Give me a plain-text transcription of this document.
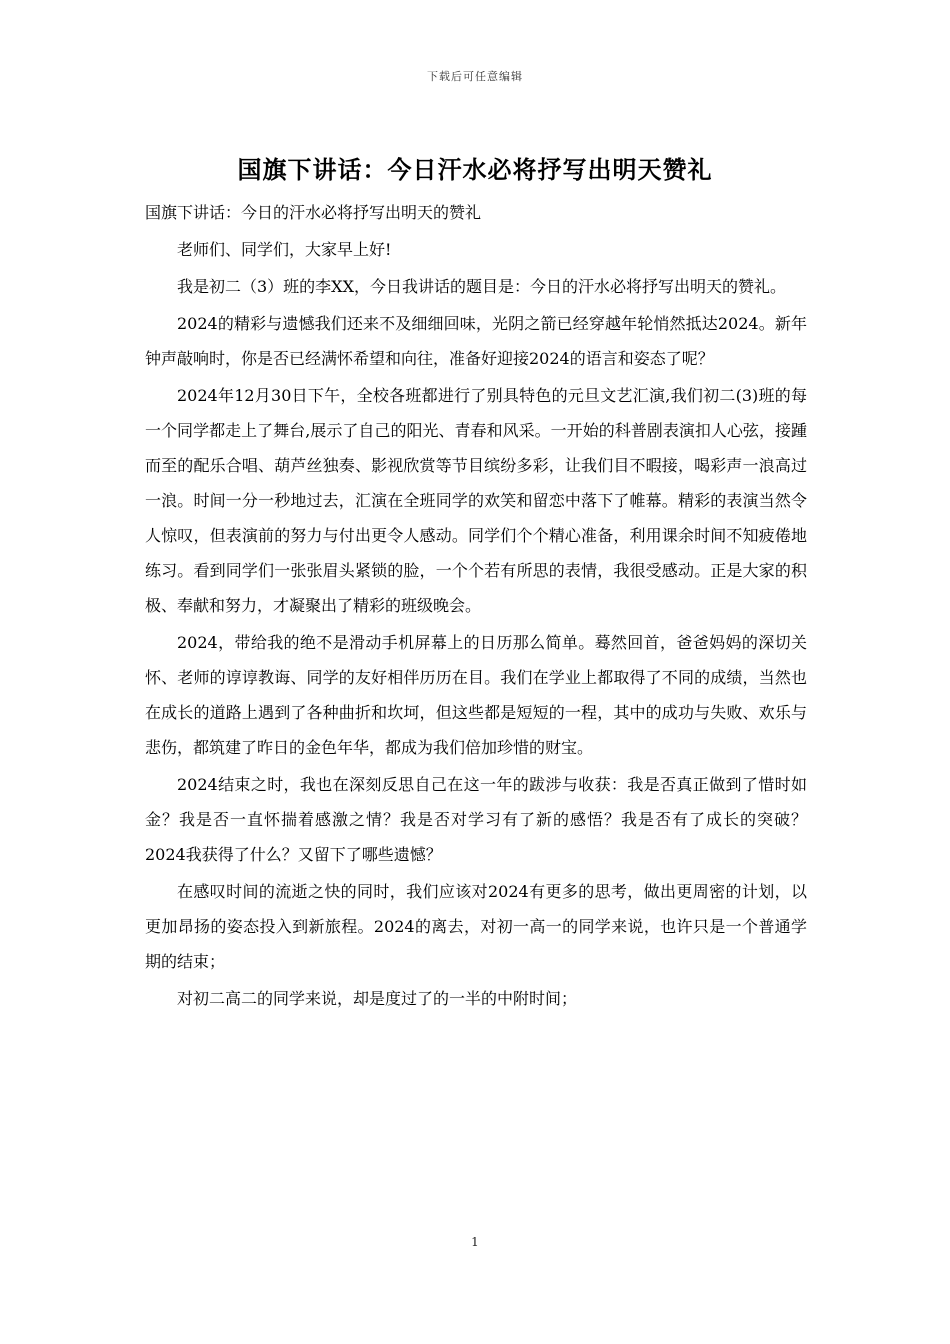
下载后可任意编辑
国旗下讲话：今日汗水必将抒写出明天赞礼

国旗下讲话：今日的汗水必将抒写出明天的赞礼

老师们、同学们，大家早上好!

我是初二（3）班的李XX，今日我讲话的题目是：今日的汗水必将抒写出明天的赞礼。

2024的精彩与遗憾我们还来不及细细回味，光阴之箭已经穿越年轮悄然抵达2024。新年钟声敲响时，你是否已经满怀希望和向往，准备好迎接2024的语言和姿态了呢？

2024年12月30日下午，全校各班都进行了别具特色的元旦文艺汇演,我们初二(3)班的每一个同学都走上了舞台,展示了自己的阳光、青春和风采。一开始的科普剧表演扣人心弦，接踵而至的配乐合唱、葫芦丝独奏、影视欣赏等节目缤纷多彩，让我们目不暇接，喝彩声一浪高过一浪。时间一分一秒地过去，汇演在全班同学的欢笑和留恋中落下了帷幕。精彩的表演当然令人惊叹，但表演前的努力与付出更令人感动。同学们个个精心准备，利用课余时间不知疲倦地练习。看到同学们一张张眉头紧锁的脸，一个个若有所思的表情，我很受感动。正是大家的积极、奉献和努力，才凝聚出了精彩的班级晚会。

2024，带给我的绝不是滑动手机屏幕上的日历那么简单。蓦然回首，爸爸妈妈的深切关怀、老师的谆谆教诲、同学的友好相伴历历在目。我们在学业上都取得了不同的成绩，当然也在成长的道路上遇到了各种曲折和坎坷，但这些都是短短的一程，其中的成功与失败、欢乐与悲伤，都筑建了昨日的金色年华，都成为我们倍加珍惜的财宝。

2024结束之时，我也在深刻反思自己在这一年的跋涉与收获：我是否真正做到了惜时如金？我是否一直怀揣着感激之情？我是否对学习有了新的感悟？我是否有了成长的突破？2024我获得了什么？又留下了哪些遗憾？

在感叹时间的流逝之快的同时，我们应该对2024有更多的思考，做出更周密的计划，以更加昂扬的姿态投入到新旅程。2024的离去，对初一高一的同学来说，也许只是一个普通学期的结束；

对初二高二的同学来说，却是度过了的一半的中附时间；

1
